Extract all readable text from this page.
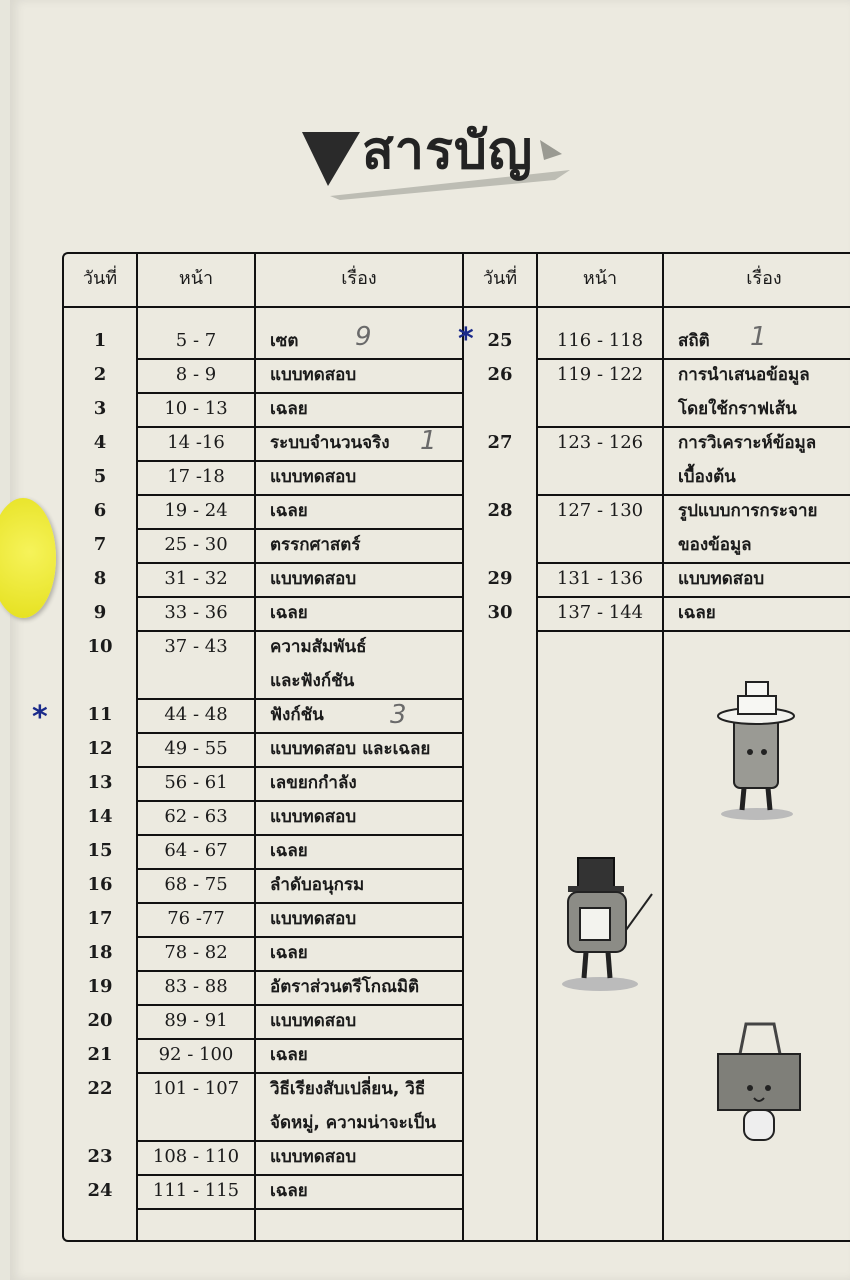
สารบัญ
วันที่	หน้า	เรื่อง	วันที่	หน้า	เรื่อง
1	5 - 7	เซต
2	8 - 9	แบบทดสอบ
3	10 - 13	เฉลย
4	14 -16	ระบบจำนวนจริง
5	17 -18	แบบทดสอบ
6	19 - 24	เฉลย
7	25 - 30	ตรรกศาสตร์
8	31 - 32	แบบทดสอบ
9	33 - 36	เฉลย
10	37 - 43	ความสัมพันธ์
และฟังก์ชัน
11	44 - 48	ฟังก์ชัน
12	49 - 55	แบบทดสอบ และเฉลย
13	56 - 61	เลขยกกำลัง
14	62 - 63	แบบทดสอบ
15	64 - 67	เฉลย
16	68 - 75	ลำดับอนุกรม
17	76 -77	แบบทดสอบ
18	78 - 82	เฉลย
19	83 - 88	อัตราส่วนตรีโกณมิติ
20	89 - 91	แบบทดสอบ
21	92 - 100	เฉลย
22	101 - 107	วิธีเรียงสับเปลี่ยน, วิธี
จัดหมู่, ความน่าจะเป็น
23	108 - 110	แบบทดสอบ
24	111 - 115	เฉลย
25	116 - 118	สถิติ
26	119 - 122	การนำเสนอข้อมูล
โดยใช้กราฟเส้น
27	123 - 126	การวิเคราะห์ข้อมูล
เบื้องต้น
28	127 - 130	รูปแบบการกระจาย
ของข้อมูล
29	131 - 136	แบบทดสอบ
30	137 - 144	เฉลย
*
*
9
1
3
1
